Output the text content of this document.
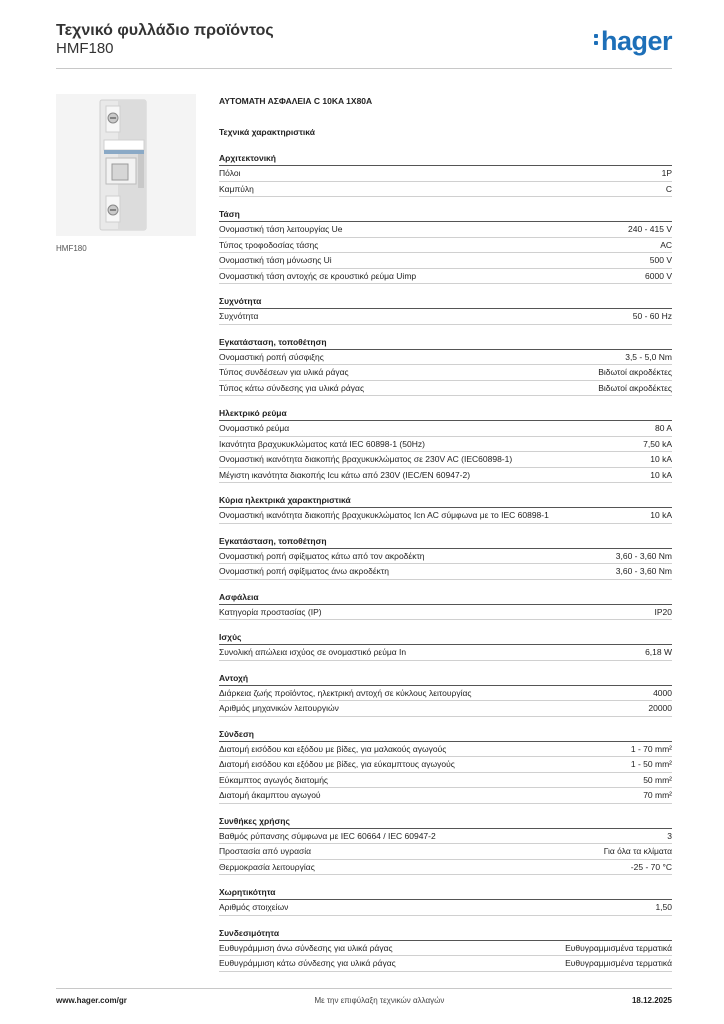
Τεχνικό φυλλάδιο προϊόντος
HMF180	hager
HMF180
ΑΥΤΟΜΑΤΗ ΑΣΦΑΛΕΙΑ C 10KA 1X80A
Τεχνικά χαρακτηριστικά
Αρχιτεκτονική
Πόλοι	1P
Καμπύλη	C
Τάση
Ονομαστική τάση λειτουργίας Ue	240 - 415 V
Τύπος τροφοδοσίας τάσης	AC
Ονομαστική τάση μόνωσης Ui	500 V
Ονομαστική τάση αντοχής σε κρουστικό ρεύμα Uimp	6000 V
Συχνότητα
Συχνότητα	50 - 60 Hz
Εγκατάσταση, τοποθέτηση
Ονομαστική ροπή σύσφιξης	3,5 - 5,0 Nm
Τύπος συνδέσεων για υλικά ράγας	Βιδωτοί ακροδέκτες
Τύπος κάτω σύνδεσης για υλικά ράγας	Βιδωτοί ακροδέκτες
Ηλεκτρικό ρεύμα
Ονομαστικό ρεύμα	80 A
Ικανότητα βραχυκυκλώματος κατά IEC 60898-1 (50Hz)	7,50 kA
Ονομαστική ικανότητα διακοπής βραχυκυκλώματος σε 230V AC (IEC60898-1)	10 kA
Μέγιστη ικανότητα διακοπής Icu κάτω από 230V (IEC/EN 60947-2)	10 kA
Κύρια ηλεκτρικά χαρακτηριστικά
Ονομαστική ικανότητα διακοπής βραχυκυκλώματος Icn AC σύμφωνα με το IEC 60898-1	10 kA
Εγκατάσταση, τοποθέτηση
Ονομαστική ροπή σφίξιματος κάτω από τον ακροδέκτη	3,60 - 3,60 Nm
Ονομαστική ροπή σφίξιματος άνω ακροδέκτη	3,60 - 3,60 Nm
Ασφάλεια
Κατηγορία προστασίας (IP)	IP20
Ισχύς
Συνολική απώλεια ισχύος σε ονομαστικό ρεύμα In	6,18 W
Αντοχή
Διάρκεια ζωής προϊόντος, ηλεκτρική αντοχή σε κύκλους λειτουργίας	4000
Αριθμός μηχανικών λειτουργιών	20000
Σύνδεση
Διατομή εισόδου και εξόδου με βίδες, για μαλακούς αγωγούς	1 - 70 mm²
Διατομή εισόδου και εξόδου με βίδες, για εύκαμπτους αγωγούς	1 - 50 mm²
Εύκαμπτος αγωγός διατομής	50 mm²
Διατομή άκαμπτου αγωγού	70 mm²
Συνθήκες χρήσης
Βαθμός ρύπανσης σύμφωνα με IEC 60664 / IEC 60947-2	3
Προστασία από υγρασία	Για όλα τα κλίματα
Θερμοκρασία λειτουργίας	-25 - 70 °C
Χωρητικότητα
Αριθμός στοιχείων	1,50
Συνδεσιμότητα
Ευθυγράμμιση άνω σύνδεσης για υλικά ράγας	Ευθυγραμμισμένα τερματικά
Ευθυγράμμιση κάτω σύνδεσης για υλικά ράγας	Ευθυγραμμισμένα τερματικά
www.hager.com/gr	Με την επιφύλαξη τεχνικών αλλαγών	18.12.2025
